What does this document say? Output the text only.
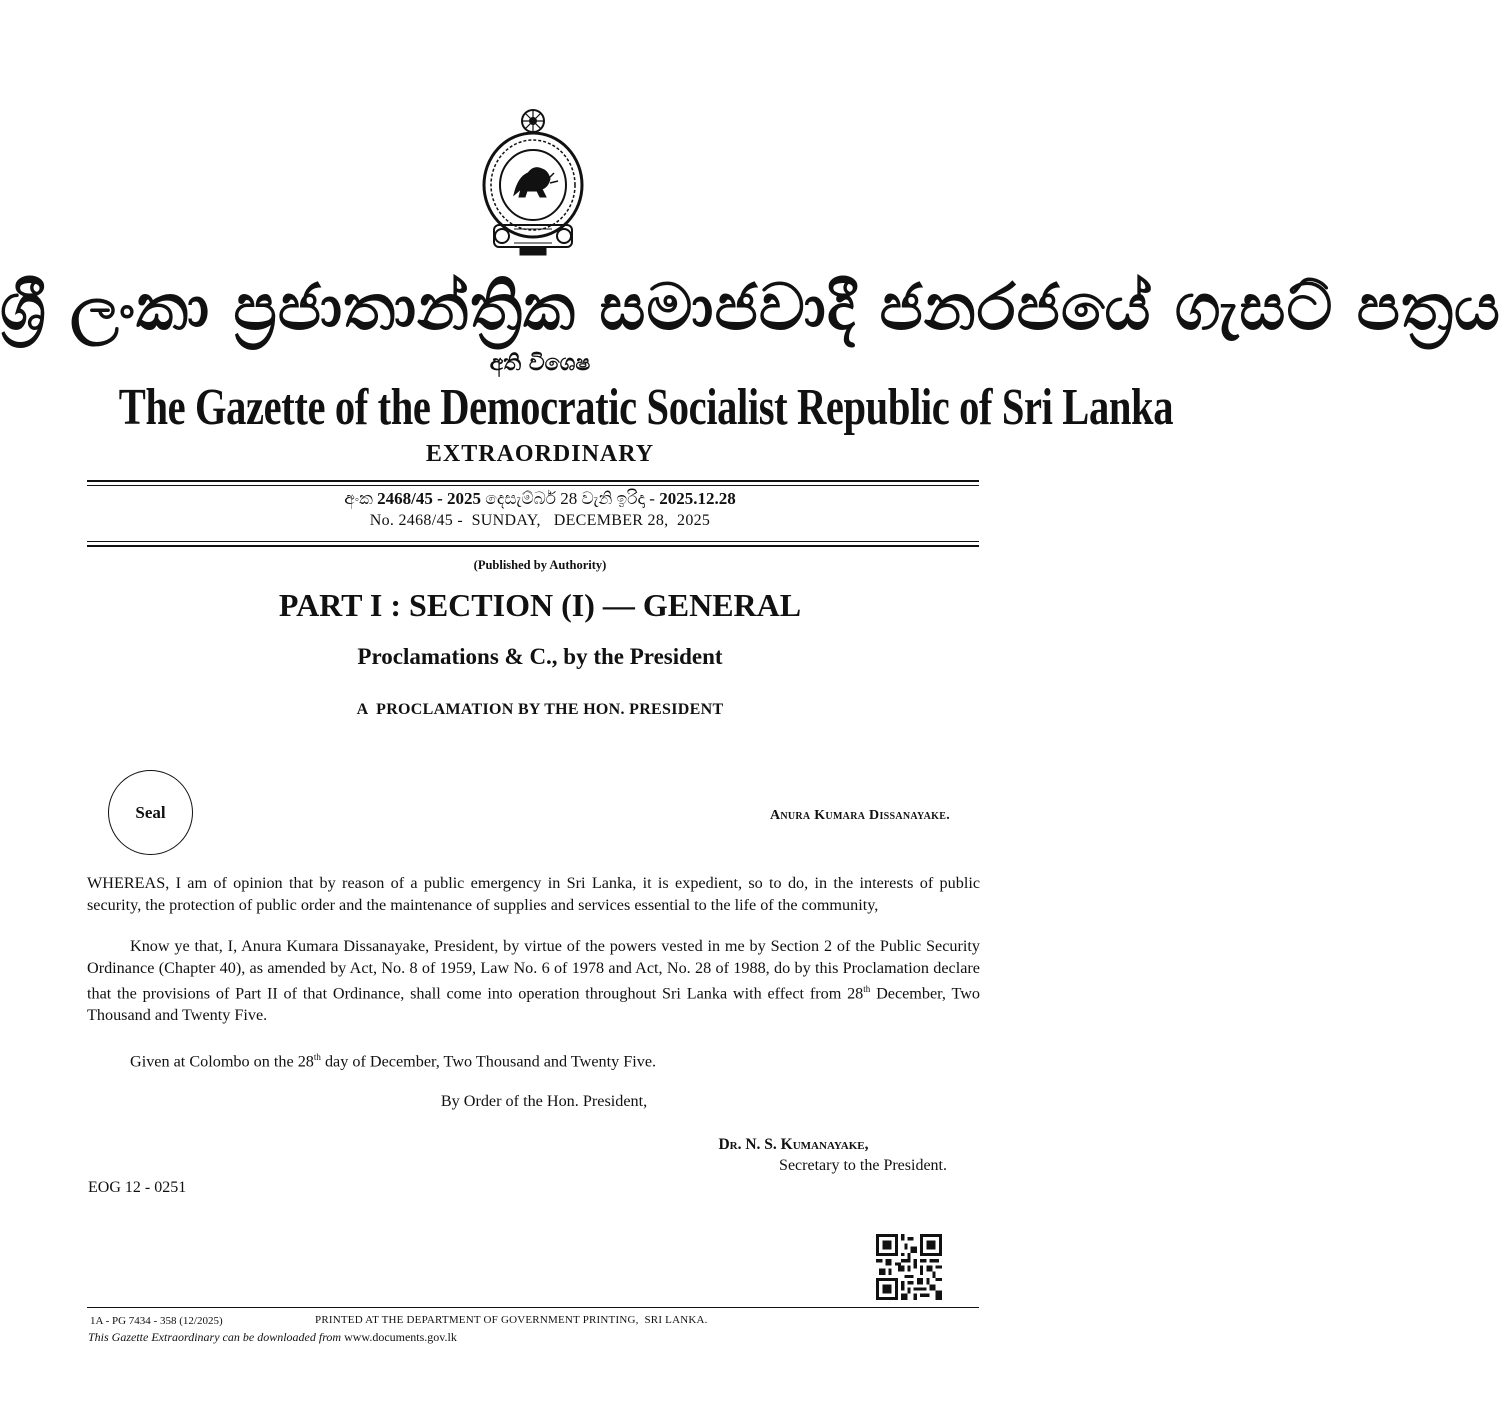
ශ්‍රී ලංකා ප්‍රජාතාන්ත්‍රික සමාජවාදී ජනරජයේ ගැසට් පත්‍රය
අති විශෙෂ
The Gazette of the Democratic Socialist Republic of Sri Lanka
EXTRAORDINARY
අංක 2468/45 - 2025 දෙසැම්බර් 28 වැනි ඉරිදා - 2025.12.28
No. 2468/45 -  SUNDAY,   DECEMBER 28,  2025
(Published by Authority)
PART I : SECTION (I) — GENERAL
Proclamations & C., by the President
A  PROCLAMATION BY THE HON. PRESIDENT
Seal	Anura Kumara Dissanayake.
WHEREAS, I am of opinion that by reason of a public emergency in Sri Lanka, it is expedient, so to do, in the interests of public security, the protection of public order and the maintenance of supplies and services essential to the life of the community,
Know ye that, I, Anura Kumara Dissanayake, President, by virtue of the powers vested in me by Section 2 of the Public Security Ordinance (Chapter 40), as amended by Act, No. 8 of 1959, Law No. 6 of 1978 and Act, No. 28 of 1988, do by this Proclamation declare that the provisions of Part II of that Ordinance, shall come into operation throughout Sri Lanka with effect from 28th December, Two Thousand and Twenty Five.
Given at Colombo on the 28th day of December, Two Thousand and Twenty Five.
By Order of the Hon. President,
Dr. N. S. Kumanayake,
Secretary to the President.
EOG 12 - 0251
1A - PG 7434 - 358 (12/2025)	PRINTED AT THE DEPARTMENT OF GOVERNMENT PRINTING,  SRI LANKA.
This Gazette Extraordinary can be downloaded from www.documents.gov.lk
